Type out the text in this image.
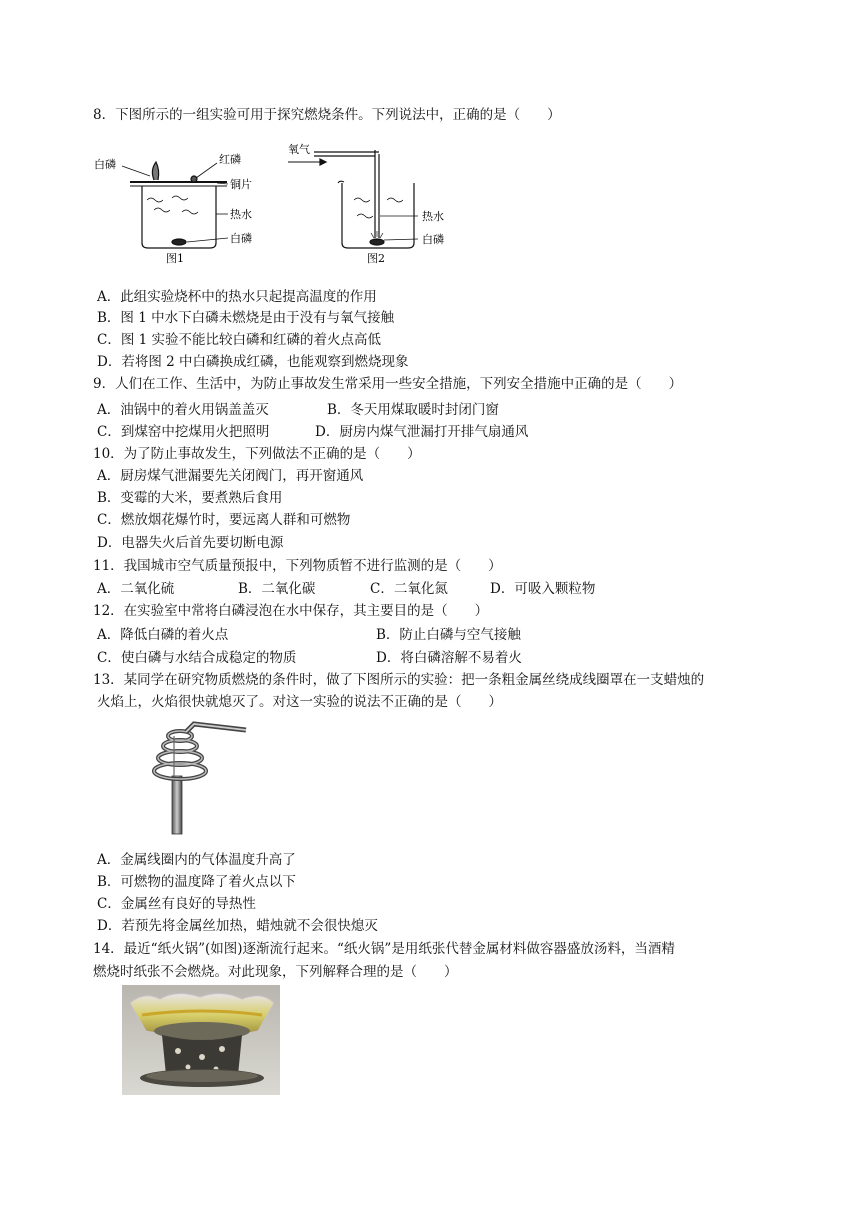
8．下图所示的一组实验可用于探究燃烧条件。下列说法中，正确的是（　　）
白磷	红磷
铜片
热水
白磷
图1
氧气
热水
白磷
图2
A．此组实验烧杯中的热水只起提高温度的作用
B．图 1 中水下白磷未燃烧是由于没有与氧气接触
C．图 1 实验不能比较白磷和红磷的着火点高低
D．若将图 2 中白磷换成红磷，也能观察到燃烧现象
9．人们在工作、生活中，为防止事故发生常采用一些安全措施，下列安全措施中正确的是（　　）
A．油锅中的着火用锅盖盖灭	B．冬天用煤取暖时封闭门窗
C．到煤窑中挖煤用火把照明	D．厨房内煤气泄漏打开排气扇通风
10．为了防止事故发生，下列做法不正确的是（　　）
A．厨房煤气泄漏要先关闭阀门，再开窗通风
B．变霉的大米，要煮熟后食用
C．燃放烟花爆竹时，要远离人群和可燃物
D．电器失火后首先要切断电源
11．我国城市空气质量预报中，下列物质暂不进行监测的是（　　）
A．二氧化硫	B．二氧化碳	C．二氧化氮	D．可吸入颗粒物
12．在实验室中常将白磷浸泡在水中保存，其主要目的是（　　）
A．降低白磷的着火点	B．防止白磷与空气接触
C．使白磷与水结合成稳定的物质	D．将白磷溶解不易着火
13．某同学在研究物质燃烧的条件时，做了下图所示的实验：把一条粗金属丝绕成线圈罩在一支蜡烛的
火焰上，火焰很快就熄灭了。对这一实验的说法不正确的是（　　）
A．金属线圈内的气体温度升高了
B．可燃物的温度降了着火点以下
C．金属丝有良好的导热性
D．若预先将金属丝加热，蜡烛就不会很快熄灭
14．最近“纸火锅”(如图)逐渐流行起来。“纸火锅”是用纸张代替金属材料做容器盛放汤料，当酒精
燃烧时纸张不会燃烧。对此现象，下列解释合理的是（　　）
